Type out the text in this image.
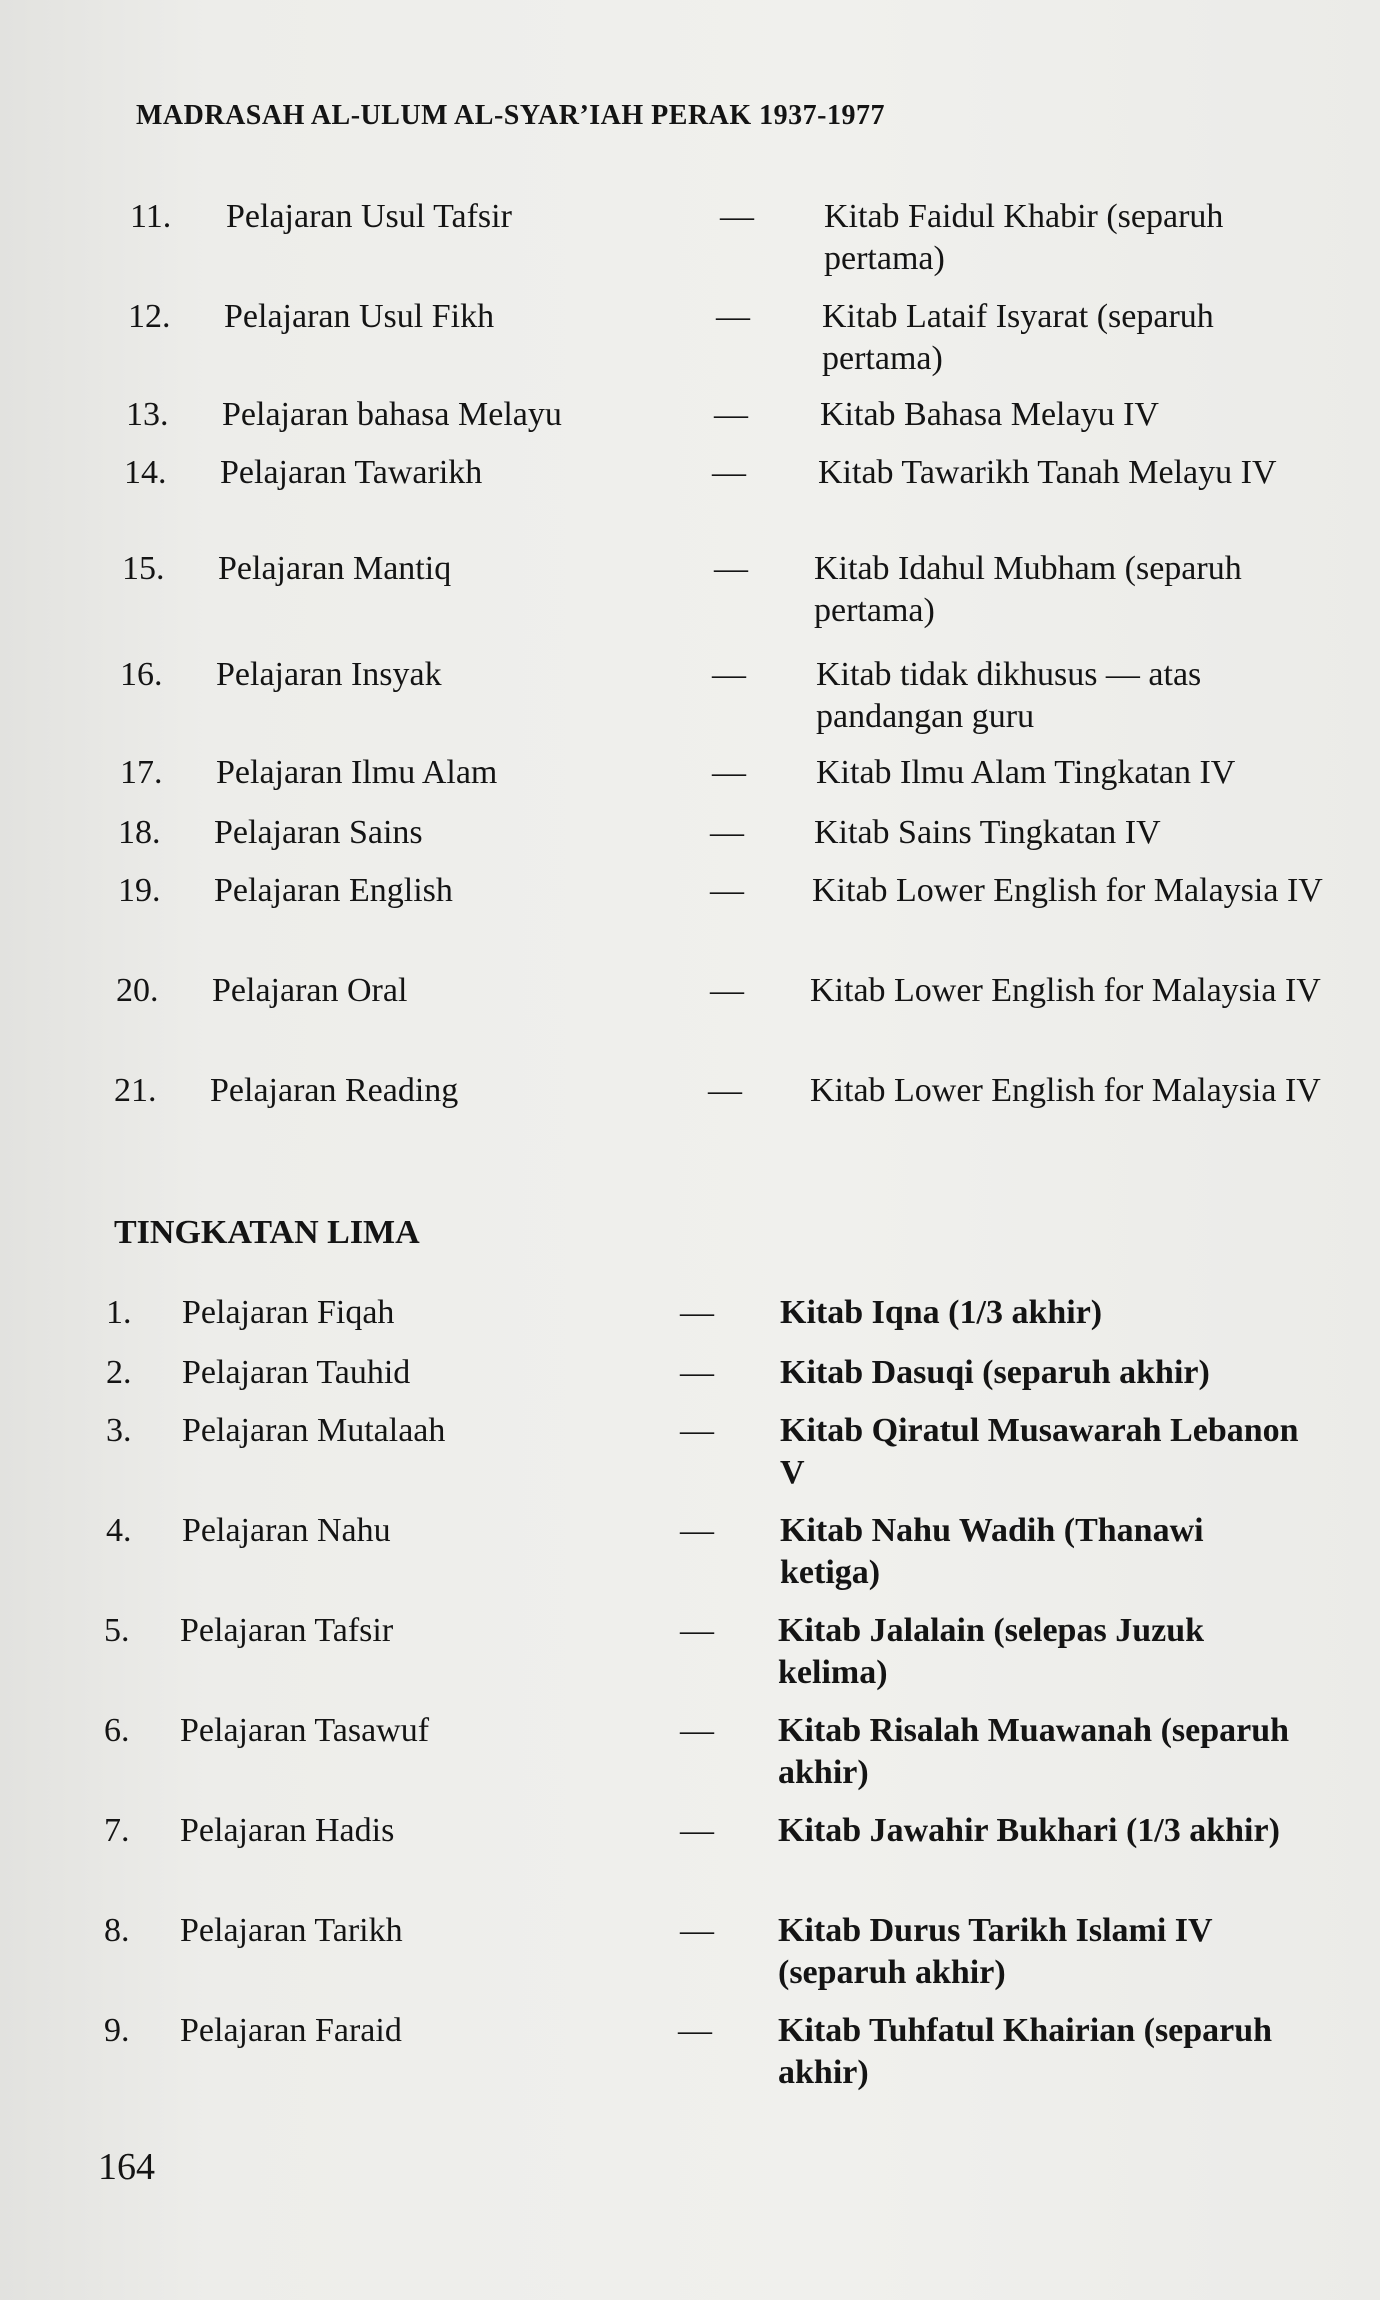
MADRASAH AL-ULUM AL-SYAR’IAH PERAK 1937-1977
11. Pelajaran Usul Tafsir	— Kitab Faidul Khabir (separuh pertama)
12. Pelajaran Usul Fikh	— Kitab Lataif Isyarat (separuh pertama)
13. Pelajaran bahasa Melayu	— Kitab Bahasa Melayu IV
14. Pelajaran Tawarikh	— Kitab Tawarikh Tanah Melayu IV
15. Pelajaran Mantiq	— Kitab Idahul Mubham (separuh pertama)
16. Pelajaran Insyak	— Kitab tidak dikhusus — atas pandangan guru
17. Pelajaran Ilmu Alam	— Kitab Ilmu Alam Tingkatan IV
18. Pelajaran Sains	— Kitab Sains Tingkatan IV
19. Pelajaran English	— Kitab Lower English for Malaysia IV
20. Pelajaran Oral	— Kitab Lower English for Malaysia IV
21. Pelajaran Reading	— Kitab Lower English for Malaysia IV
TINGKATAN LIMA
1. Pelajaran Fiqah	— Kitab Iqna (1/3 akhir)
2. Pelajaran Tauhid	— Kitab Dasuqi (separuh akhir)
3. Pelajaran Mutalaah	— Kitab Qiratul Musawarah Lebanon V
4. Pelajaran Nahu	— Kitab Nahu Wadih (Thanawi ketiga)
5. Pelajaran Tafsir	— Kitab Jalalain (selepas Juzuk kelima)
6. Pelajaran Tasawuf	— Kitab Risalah Muawanah (separuh akhir)
7. Pelajaran Hadis	— Kitab Jawahir Bukhari (1/3 akhir)
8. Pelajaran Tarikh	— Kitab Durus Tarikh Islami IV (separuh akhir)
9. Pelajaran Faraid	— Kitab Tuhfatul Khairian (separuh akhir)
164
